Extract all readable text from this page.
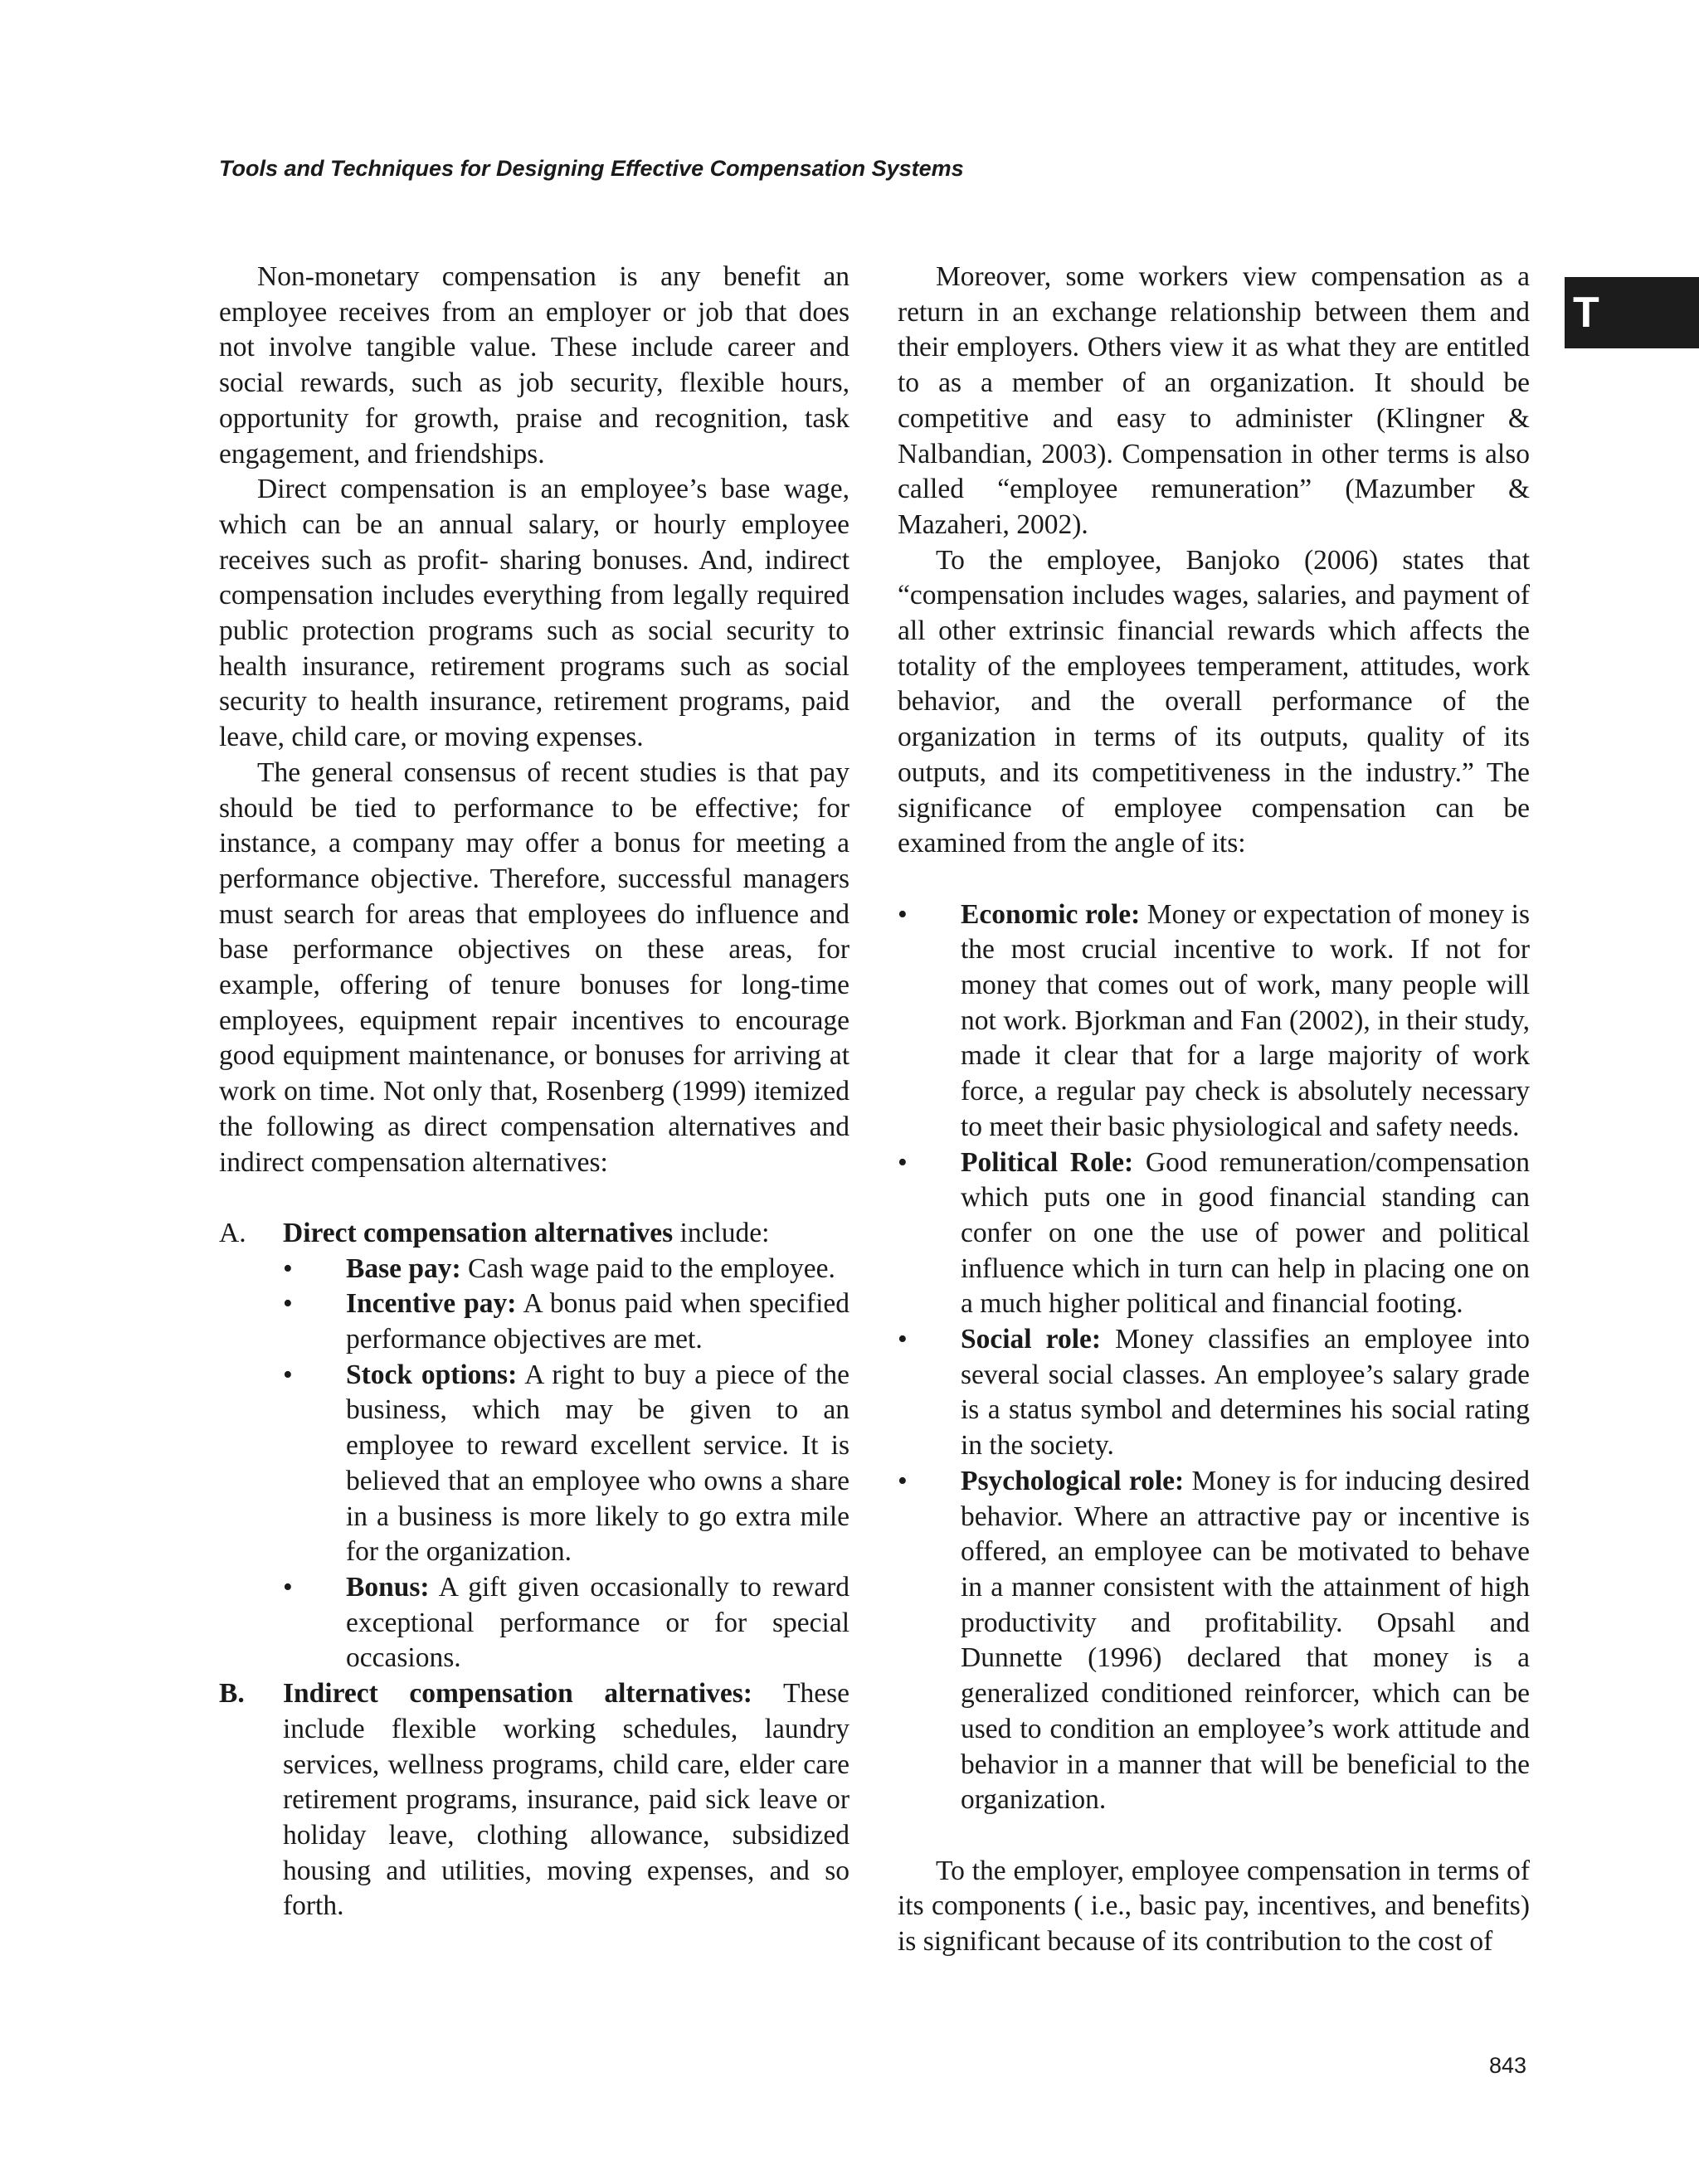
Tools and Techniques for Designing Effective Compensation Systems
T

Non-monetary compensation is any benefit an employee receives from an employer or job that does not involve tangible value. These include career and social rewards, such as job security, flexible hours, opportunity for growth, praise and recognition, task engagement, and friendships.

Direct compensation is an employee’s base wage, which can be an annual salary, or hourly employee receives such as profit- sharing bonuses. And, indirect compensation includes everything from legally required public protection programs such as social security to health insurance, retirement programs such as social security to health insurance, retirement programs, paid leave, child care, or moving expenses.

The general consensus of recent studies is that pay should be tied to performance to be effective; for instance, a company may offer a bonus for meeting a performance objective. Therefore, successful managers must search for areas that employees do influence and base performance objectives on these areas, for example, offering of tenure bonuses for long-time employees, equipment repair incentives to encourage good equipment maintenance, or bonuses for arriving at work on time. Not only that, Rosenberg (1999) itemized the following as direct compensation alternatives and indirect compensation alternatives:

A. Direct compensation alternatives include:
• Base pay: Cash wage paid to the employee.
• Incentive pay: A bonus paid when specified performance objectives are met.
• Stock options: A right to buy a piece of the business, which may be given to an employee to reward excellent service. It is believed that an employee who owns a share in a business is more likely to go extra mile for the organization.
• Bonus: A gift given occasionally to reward exceptional performance or for special occasions.
B. Indirect compensation alternatives: These include flexible working schedules, laundry services, wellness programs, child care, elder care retirement programs, insurance, paid sick leave or holiday leave, clothing allowance, subsidized housing and utilities, moving expenses, and so forth.

Moreover, some workers view compensation as a return in an exchange relationship between them and their employers. Others view it as what they are entitled to as a member of an organization. It should be competitive and easy to administer (Klingner & Nalbandian, 2003). Compensation in other terms is also called “employee remuneration” (Mazumber & Mazaheri, 2002).

To the employee, Banjoko (2006) states that “compensation includes wages, salaries, and payment of all other extrinsic financial rewards which affects the totality of the employees temperament, attitudes, work behavior, and the overall performance of the organization in terms of its outputs, quality of its outputs, and its competitiveness in the industry.” The significance of employee compensation can be examined from the angle of its:

• Economic role: Money or expectation of money is the most crucial incentive to work. If not for money that comes out of work, many people will not work. Bjorkman and Fan (2002), in their study, made it clear that for a large majority of work force, a regular pay check is absolutely necessary to meet their basic physiological and safety needs.
• Political Role: Good remuneration/compensation which puts one in good financial standing can confer on one the use of power and political influence which in turn can help in placing one on a much higher political and financial footing.
• Social role: Money classifies an employee into several social classes. An employee’s salary grade is a status symbol and determines his social rating in the society.
• Psychological role: Money is for inducing desired behavior. Where an attractive pay or incentive is offered, an employee can be motivated to behave in a manner consistent with the attainment of high productivity and profitability. Opsahl and Dunnette (1996) declared that money is a generalized conditioned reinforcer, which can be used to condition an employee’s work attitude and behavior in a manner that will be beneficial to the organization.

To the employer, employee compensation in terms of its components ( i.e., basic pay, incentives, and benefits) is significant because of its contribution to the cost of

843
